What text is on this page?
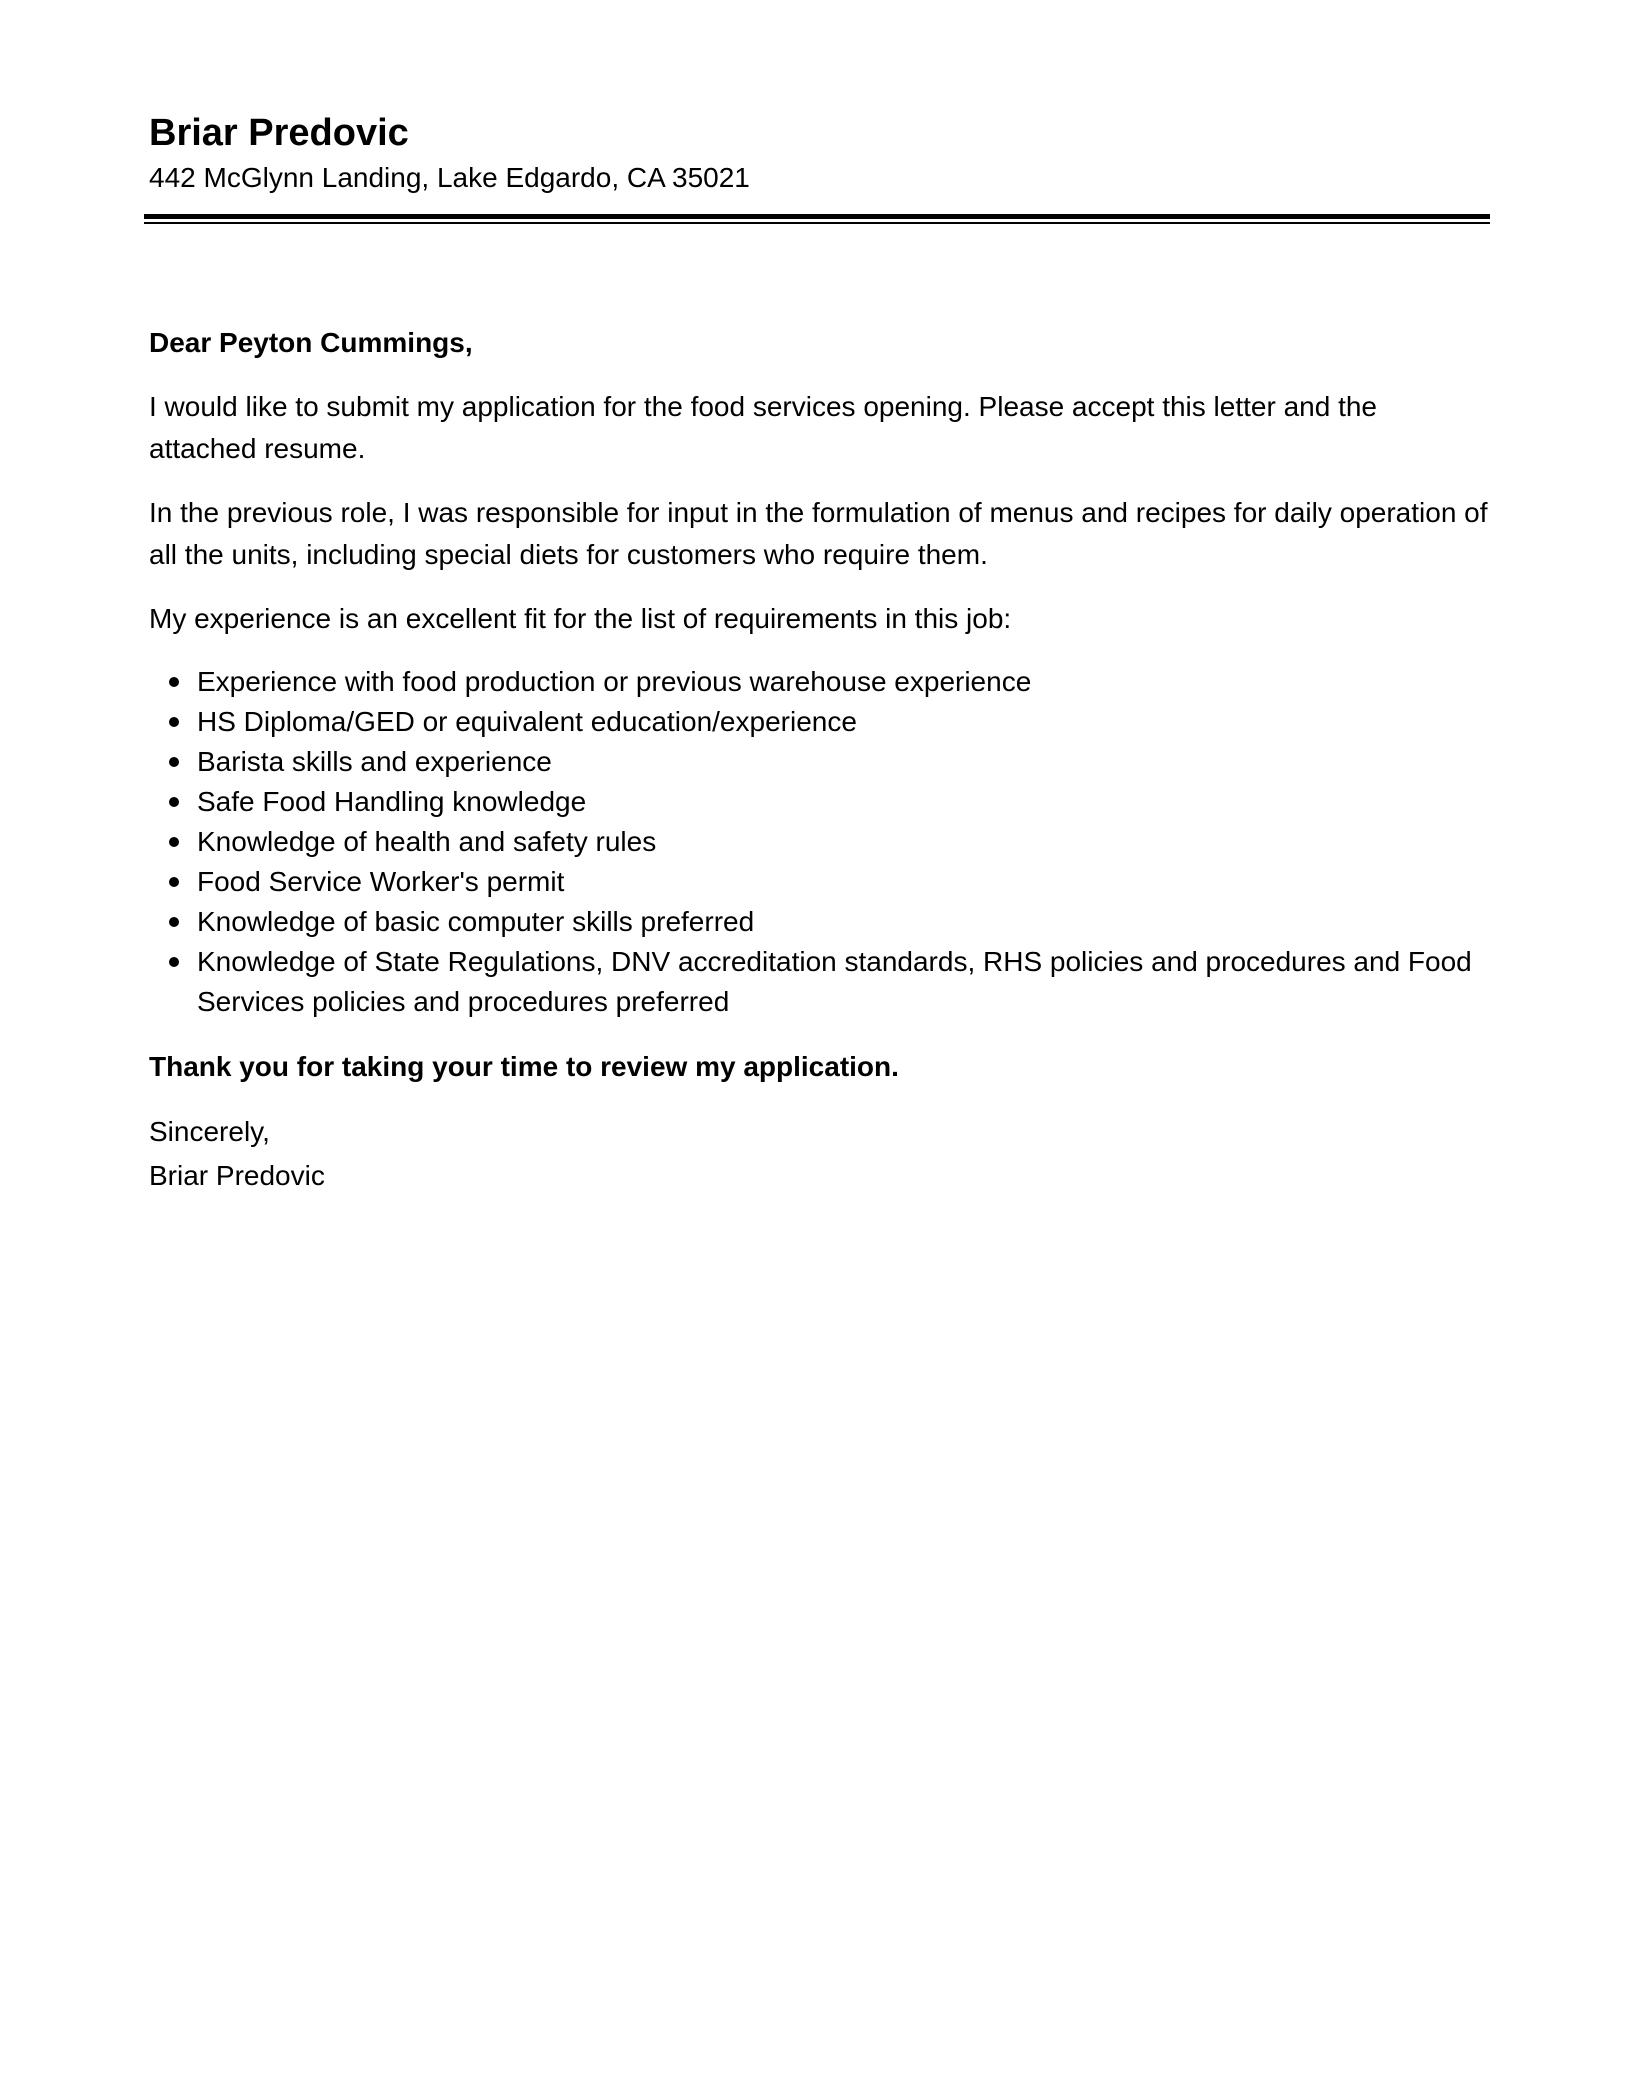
Briar Predovic

442 McGlynn Landing, Lake Edgardo, CA 35021

Dear Peyton Cummings,

I would like to submit my application for the food services opening. Please accept this letter and the attached resume.

In the previous role, I was responsible for input in the formulation of menus and recipes for daily operation of all the units, including special diets for customers who require them.

My experience is an excellent fit for the list of requirements in this job:

Experience with food production or previous warehouse experience
HS Diploma/GED or equivalent education/experience
Barista skills and experience
Safe Food Handling knowledge
Knowledge of health and safety rules
Food Service Worker's permit
Knowledge of basic computer skills preferred
Knowledge of State Regulations, DNV accreditation standards, RHS policies and procedures and Food Services policies and procedures preferred

Thank you for taking your time to review my application.

Sincerely,

Briar Predovic
